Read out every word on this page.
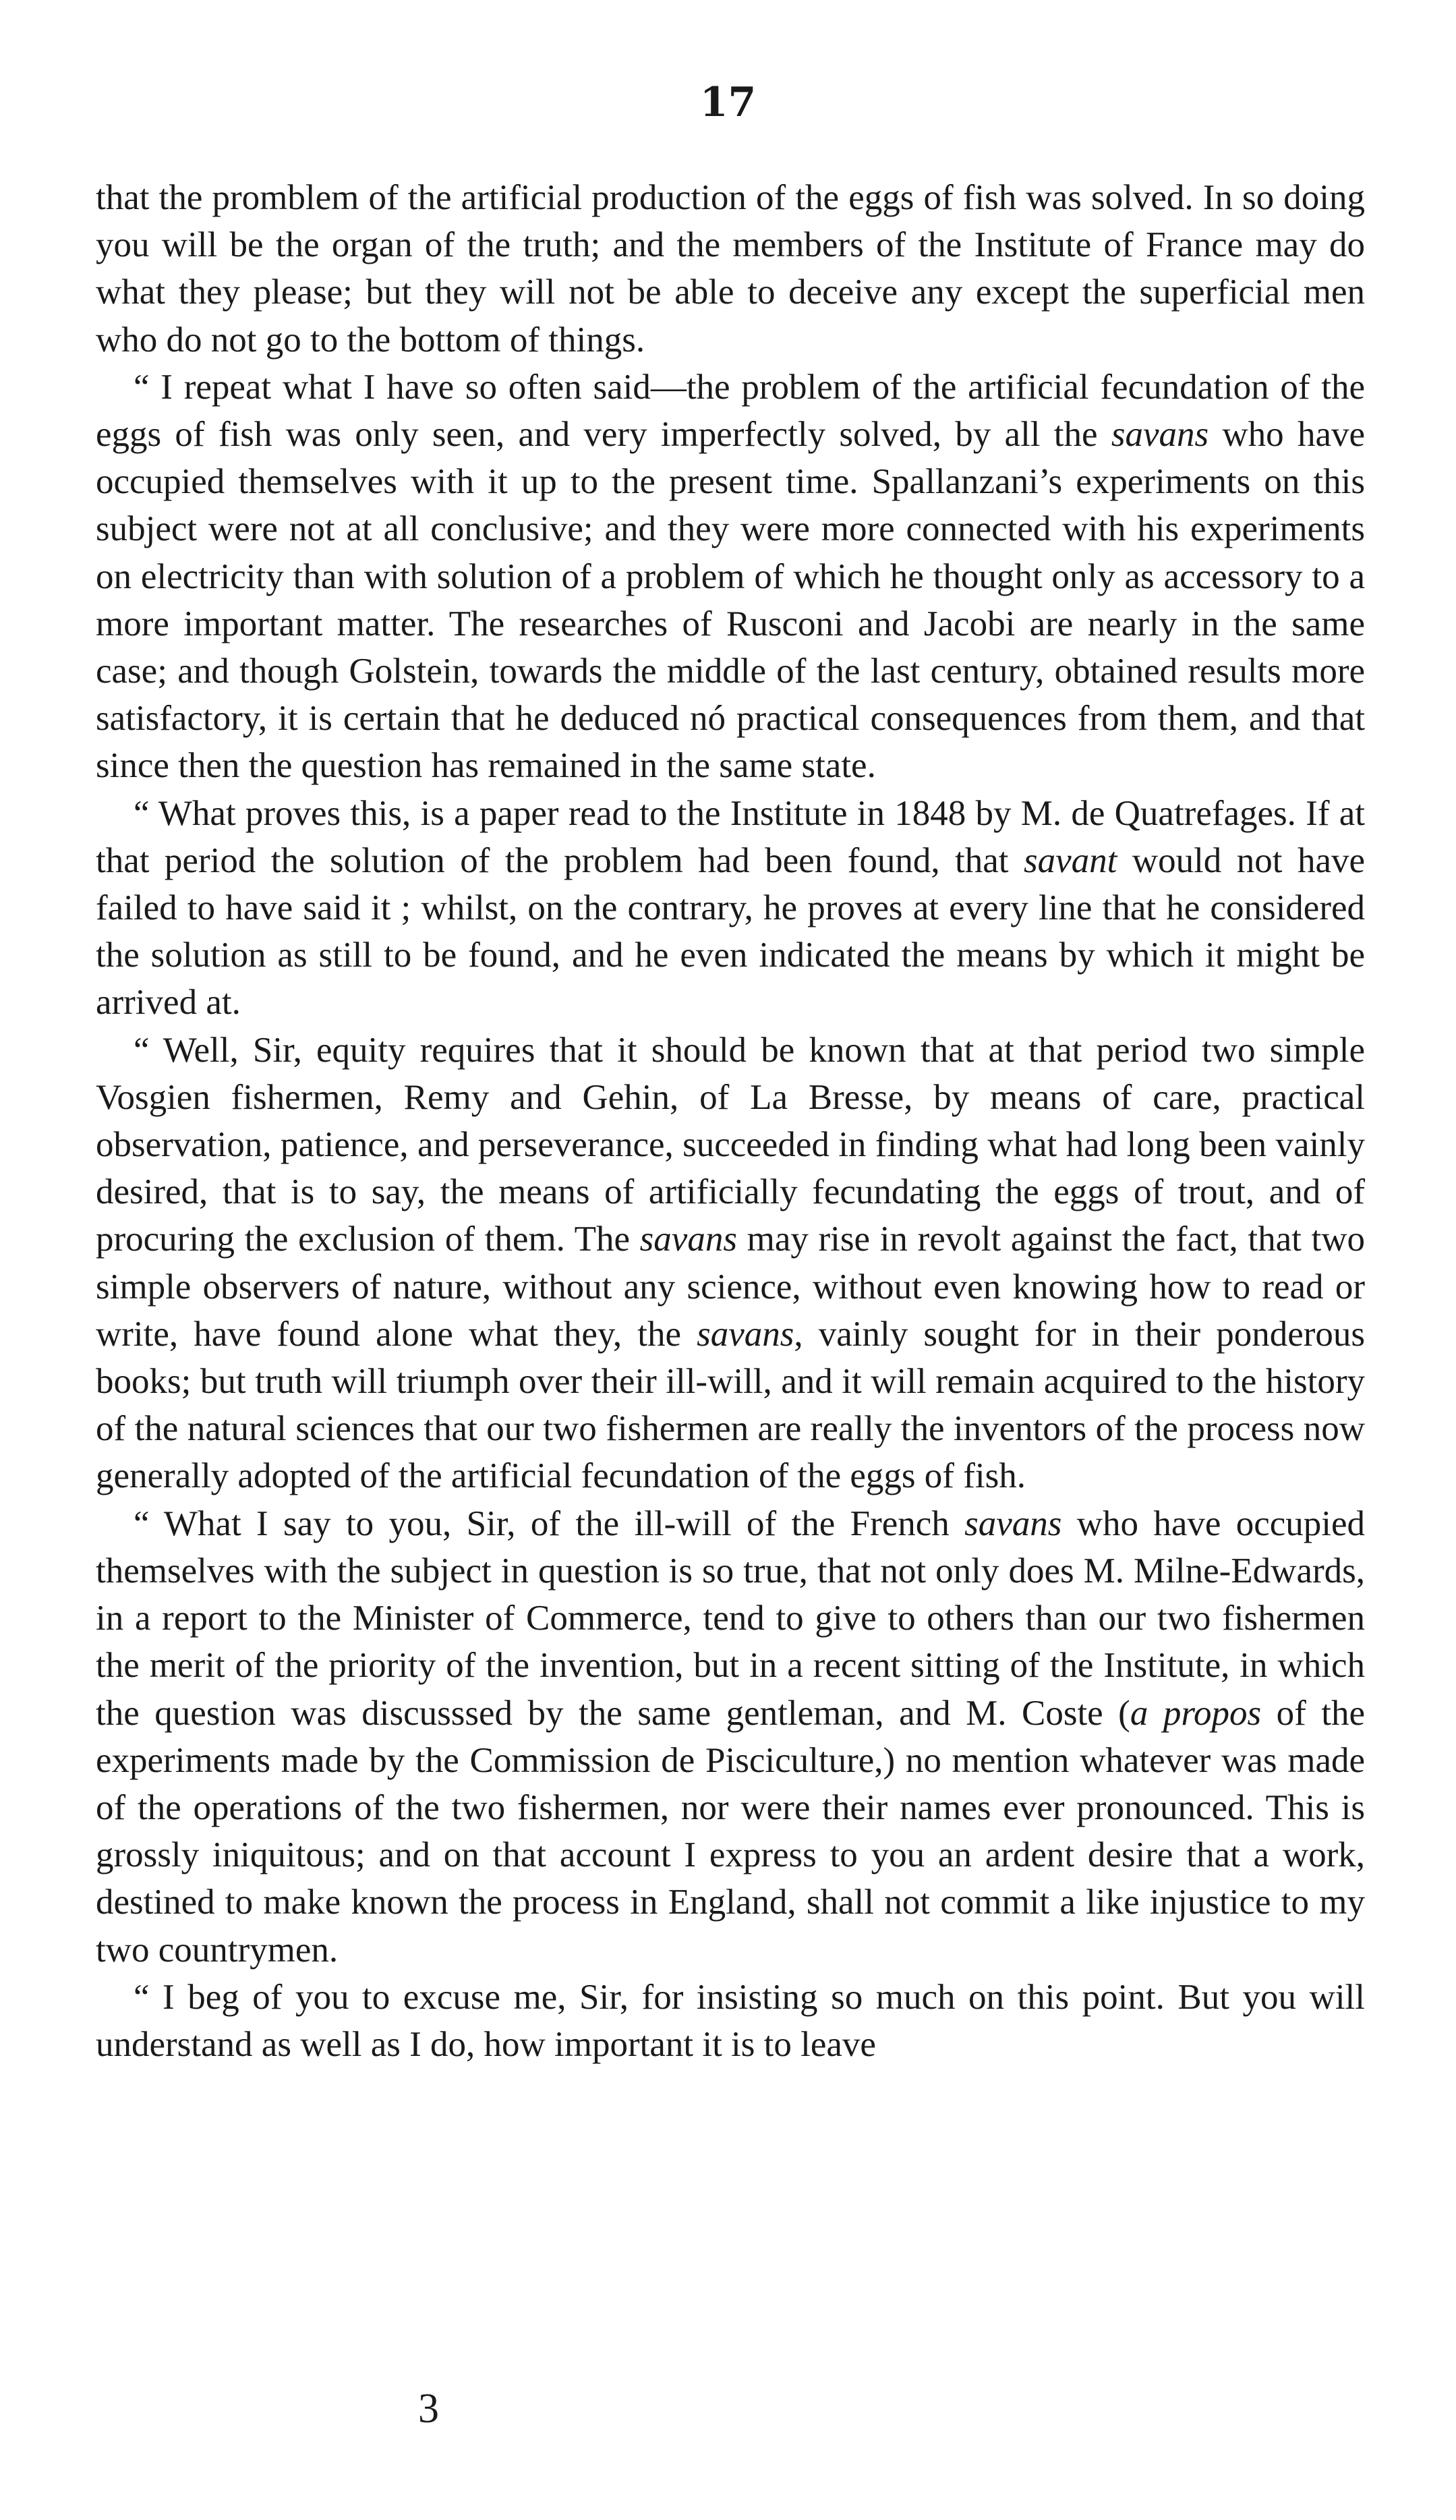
17

that the promblem of the artificial production of the eggs of fish was solved. In so doing you will be the organ of the truth; and the members of the Institute of France may do what they please; but they will not be able to deceive any except the superficial men who do not go to the bottom of things.

“ I repeat what I have so often said—the problem of the artificial fecundation of the eggs of fish was only seen, and very imperfectly solved, by all the savans who have occupied themselves with it up to the present time. Spallanzani’s experiments on this subject were not at all conclusive; and they were more connected with his experiments on electricity than with solution of a problem of which he thought only as accessory to a more important matter. The researches of Rusconi and Jacobi are nearly in the same case; and though Golstein, towards the middle of the last century, obtained results more satisfactory, it is certain that he deduced nó practical consequences from them, and that since then the question has remained in the same state.

“ What proves this, is a paper read to the Institute in 1848 by M. de Quatrefages. If at that period the solution of the problem had been found, that savant would not have failed to have said it ; whilst, on the contrary, he proves at every line that he considered the solution as still to be found, and he even indicated the means by which it might be arrived at.

“ Well, Sir, equity requires that it should be known that at that period two simple Vosgien fishermen, Remy and Gehin, of La Bresse, by means of care, practical observation, patience, and perseverance, succeeded in finding what had long been vainly desired, that is to say, the means of artificially fecundating the eggs of trout, and of procuring the exclusion of them. The savans may rise in revolt against the fact, that two simple observers of nature, without any science, without even knowing how to read or write, have found alone what they, the savans, vainly sought for in their ponderous books; but truth will triumph over their ill-will, and it will remain acquired to the history of the natural sciences that our two fishermen are really the inventors of the process now generally adopted of the artificial fecundation of the eggs of fish.

“ What I say to you, Sir, of the ill-will of the French savans who have occupied themselves with the subject in question is so true, that not only does M. Milne-Edwards, in a report to the Minister of Commerce, tend to give to others than our two fishermen the merit of the priority of the invention, but in a recent sitting of the Institute, in which the question was discusssed by the same gentleman, and M. Coste (a propos of the experiments made by the Commission de Pisciculture,) no mention whatever was made of the operations of the two fishermen, nor were their names ever pronounced. This is grossly iniquitous; and on that account I express to you an ardent desire that a work, destined to make known the process in England, shall not commit a like injustice to my two countrymen.

“ I beg of you to excuse me, Sir, for insisting so much on this point. But you will understand as well as I do, how important it is to leave

3
